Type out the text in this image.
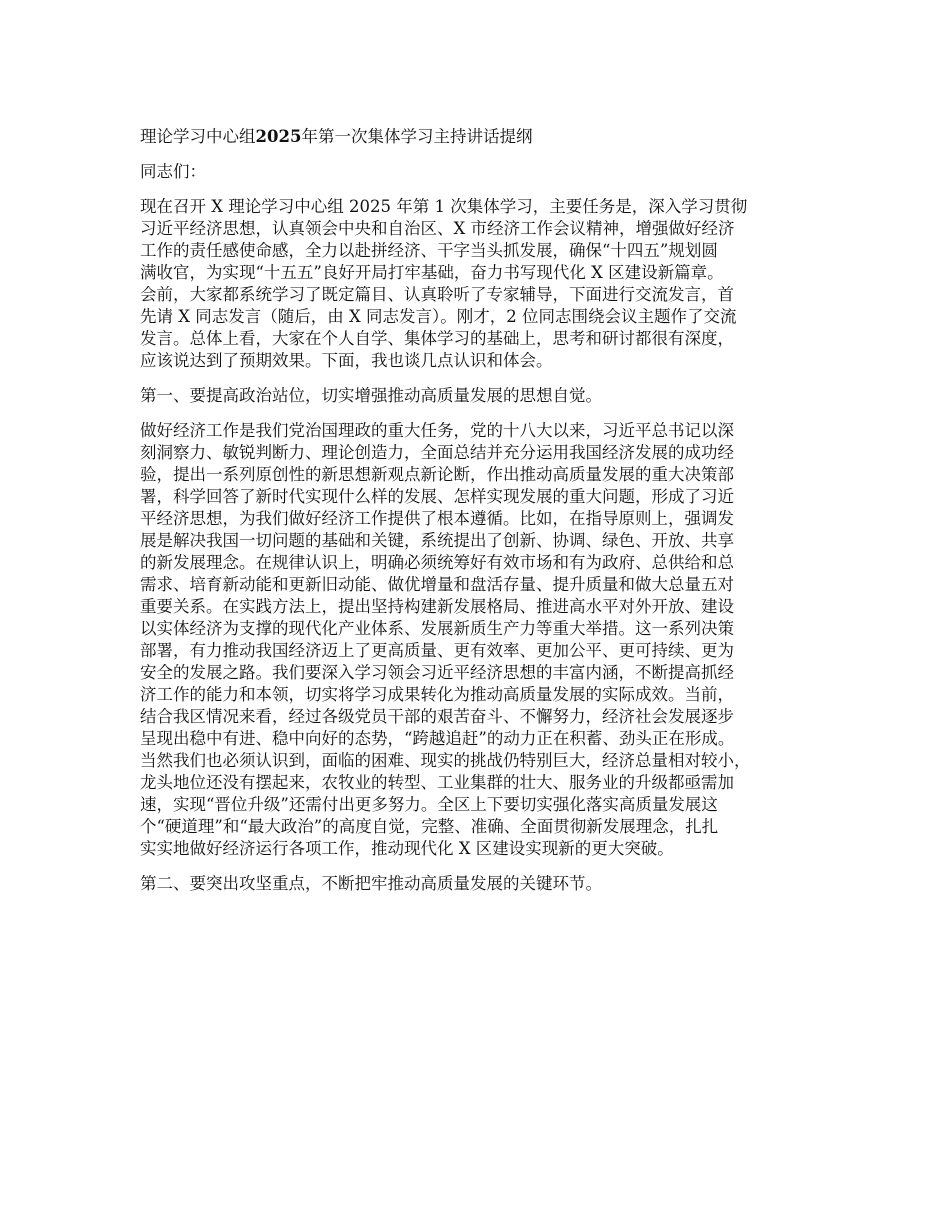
理论学习中心组2025年第一次集体学习主持讲话提纲

同志们：

现在召开 X 理论学习中心组 2025 年第 1 次集体学习，主要任务是，深入学习贯彻
习近平经济思想，认真领会中央和自治区、X 市经济工作会议精神，增强做好经济
工作的责任感使命感，全力以赴拼经济、干字当头抓发展，确保“十四五”规划圆
满收官，为实现“十五五”良好开局打牢基础，奋力书写现代化 X 区建设新篇章。
会前，大家都系统学习了既定篇目、认真聆听了专家辅导，下面进行交流发言，首
先请 X 同志发言（随后，由 X 同志发言）。刚才，2 位同志围绕会议主题作了交流
发言。总体上看，大家在个人自学、集体学习的基础上，思考和研讨都很有深度，
应该说达到了预期效果。下面，我也谈几点认识和体会。

第一、要提高政治站位，切实增强推动高质量发展的思想自觉。

做好经济工作是我们党治国理政的重大任务，党的十八大以来，习近平总书记以深
刻洞察力、敏锐判断力、理论创造力，全面总结并充分运用我国经济发展的成功经
验，提出一系列原创性的新思想新观点新论断，作出推动高质量发展的重大决策部
署，科学回答了新时代实现什么样的发展、怎样实现发展的重大问题，形成了习近
平经济思想，为我们做好经济工作提供了根本遵循。比如，在指导原则上，强调发
展是解决我国一切问题的基础和关键，系统提出了创新、协调、绿色、开放、共享
的新发展理念。在规律认识上，明确必须统筹好有效市场和有为政府、总供给和总
需求、培育新动能和更新旧动能、做优增量和盘活存量、提升质量和做大总量五对
重要关系。在实践方法上，提出坚持构建新发展格局、推进高水平对外开放、建设
以实体经济为支撑的现代化产业体系、发展新质生产力等重大举措。这一系列决策
部署，有力推动我国经济迈上了更高质量、更有效率、更加公平、更可持续、更为
安全的发展之路。我们要深入学习领会习近平经济思想的丰富内涵，不断提高抓经
济工作的能力和本领，切实将学习成果转化为推动高质量发展的实际成效。当前，
结合我区情况来看，经过各级党员干部的艰苦奋斗、不懈努力，经济社会发展逐步
呈现出稳中有进、稳中向好的态势，“跨越追赶”的动力正在积蓄、劲头正在形成。
当然我们也必须认识到，面临的困难、现实的挑战仍特别巨大，经济总量相对较小，
龙头地位还没有摆起来，农牧业的转型、工业集群的壮大、服务业的升级都亟需加
速，实现“晋位升级”还需付出更多努力。全区上下要切实强化落实高质量发展这
个“硬道理”和“最大政治”的高度自觉，完整、准确、全面贯彻新发展理念，扎扎
实实地做好经济运行各项工作，推动现代化 X 区建设实现新的更大突破。

第二、要突出攻坚重点，不断把牢推动高质量发展的关键环节。
